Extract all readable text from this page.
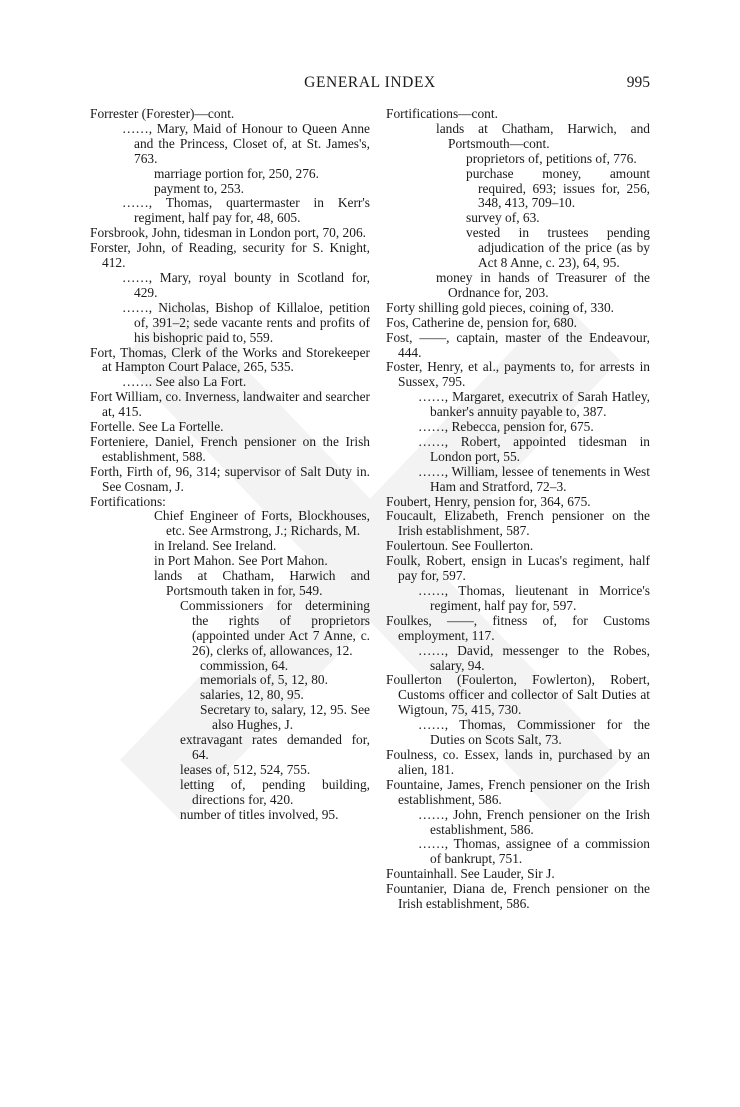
GENERAL INDEX	995

Forrester (Forester)—cont.

……, Mary, Maid of Honour to Queen Anne and the Princess, Closet of, at St. James's, 763.

marriage portion for, 250, 276.

payment to, 253.

……, Thomas, quartermaster in Kerr's regiment, half pay for, 48, 605.

Forsbrook, John, tidesman in London port, 70, 206.

Forster, John, of Reading, security for S. Knight, 412.

……, Mary, royal bounty in Scotland for, 429.

……, Nicholas, Bishop of Killaloe, petition of, 391–2; sede vacante rents and profits of his bishopric paid to, 559.

Fort, Thomas, Clerk of the Works and Storekeeper at Hampton Court Palace, 265, 535.

……. See also La Fort.

Fort William, co. Inverness, landwaiter and searcher at, 415.

Fortelle. See La Fortelle.

Forteniere, Daniel, French pensioner on the Irish establishment, 588.

Forth, Firth of, 96, 314; supervisor of Salt Duty in. See Cosnam, J.

Fortifications:

Chief Engineer of Forts, Blockhouses, etc. See Armstrong, J.; Richards, M.

in Ireland. See Ireland.

in Port Mahon. See Port Mahon.

lands at Chatham, Harwich and Portsmouth taken in for, 549.

Commissioners for determining the rights of proprietors (appointed under Act 7 Anne, c. 26), clerks of, allowances, 12.

commission, 64.

memorials of, 5, 12, 80.

salaries, 12, 80, 95.

Secretary to, salary, 12, 95. See also Hughes, J.

extravagant rates demanded for, 64.

leases of, 512, 524, 755.

letting of, pending building, directions for, 420.

number of titles involved, 95.

Fortifications—cont.

lands at Chatham, Harwich, and Portsmouth—cont.

proprietors of, petitions of, 776.

purchase money, amount required, 693; issues for, 256, 348, 413, 709–10.

survey of, 63.

vested in trustees pending adjudication of the price (as by Act 8 Anne, c. 23), 64, 95.

money in hands of Treasurer of the Ordnance for, 203.

Forty shilling gold pieces, coining of, 330.

Fos, Catherine de, pension for, 680.

Fost, ——, captain, master of the Endeavour, 444.

Foster, Henry, et al., payments to, for arrests in Sussex, 795.

……, Margaret, executrix of Sarah Hatley, banker's annuity payable to, 387.

……, Rebecca, pension for, 675.

……, Robert, appointed tidesman in London port, 55.

……, William, lessee of tenements in West Ham and Stratford, 72–3.

Foubert, Henry, pension for, 364, 675.

Foucault, Elizabeth, French pensioner on the Irish establishment, 587.

Foulertoun. See Foullerton.

Foulk, Robert, ensign in Lucas's regiment, half pay for, 597.

……, Thomas, lieutenant in Morrice's regiment, half pay for, 597.

Foulkes, ——, fitness of, for Customs employment, 117.

……, David, messenger to the Robes, salary, 94.

Foullerton (Foulerton, Fowlerton), Robert, Customs officer and collector of Salt Duties at Wigtoun, 75, 415, 730.

……, Thomas, Commissioner for the Duties on Scots Salt, 73.

Foulness, co. Essex, lands in, purchased by an alien, 181.

Fountaine, James, French pensioner on the Irish establishment, 586.

……, John, French pensioner on the Irish establishment, 586.

……, Thomas, assignee of a commission of bankrupt, 751.

Fountainhall. See Lauder, Sir J.

Fountanier, Diana de, French pensioner on the Irish establishment, 586.
